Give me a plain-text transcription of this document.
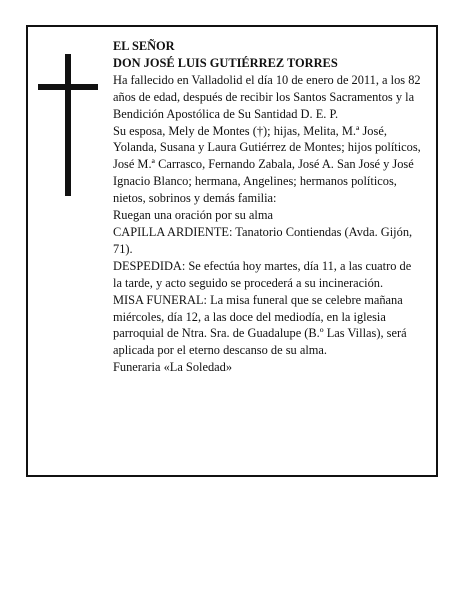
EL SEÑOR

DON JOSÉ LUIS GUTIÉRREZ TORRES

Ha fallecido en Valladolid el día 10 de enero de 2011, a los 82 años de edad, después de recibir los Santos Sacramentos y la Bendición Apostólica de Su Santidad D. E. P.

Su esposa, Mely de Montes (†); hijas, Melita, M.ª José, Yolanda, Susana y Laura Gutiérrez de Montes; hijos políticos, José M.ª Carrasco, Fernando Zabala, José A. San José y José Ignacio Blanco; hermana, Angelines; hermanos políticos, nietos, sobrinos y demás familia:

Ruegan una oración por su alma

CAPILLA ARDIENTE: Tanatorio Contiendas (Avda. Gijón, 71).

DESPEDIDA: Se efectúa hoy martes, día 11, a las cuatro de la tarde, y acto seguido se procederá a su incineración.

MISA FUNERAL: La misa funeral que se celebre mañana miércoles, día 12, a las doce del mediodía, en la iglesia parroquial de Ntra. Sra. de Guadalupe (B.º Las Villas), será aplicada por el eterno descanso de su alma.

Funeraria «La Soledad»
